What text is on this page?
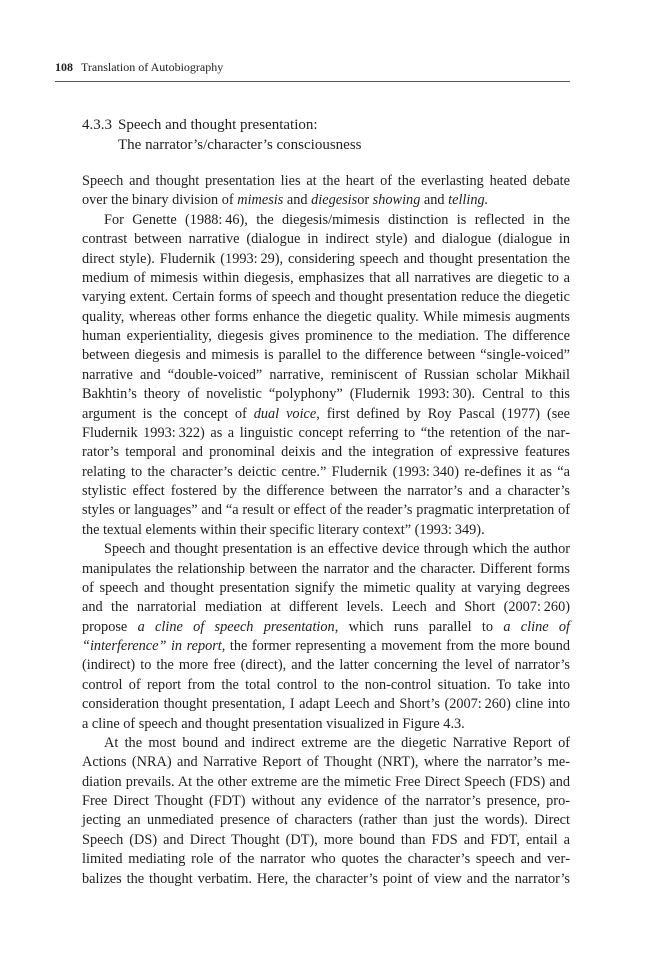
108 Translation of Autobiography
4.3.3 Speech and thought presentation:
The narrator’s/character’s consciousness

Speech and thought presentation lies at the heart of the everlasting heated debate over the binary division of mimesis and diegesisor showing and telling.

For Genette (1988: 46), the diegesis/mimesis distinction is reflected in the contrast between narrative (dialogue in indirect style) and dialogue (dialogue in direct style). Fludernik (1993: 29), considering speech and thought presentation the medium of mimesis within diegesis, emphasizes that all narratives are diegetic to a varying extent. Certain forms of speech and thought presentation reduce the diegetic quality, whereas other forms enhance the diegetic quality. While mimesis augments human experientiality, diegesis gives prominence to the mediation. The difference between diegesis and mimesis is parallel to the difference between “single-voiced” narrative and “double-voiced” narrative, reminiscent of Russian scholar Mikhail Bakhtin’s theory of novelistic “polyphony” (Fludernik 1993: 30). Central to this argument is the concept of dual voice, first defined by Roy Pascal (1977) (see Fludernik 1993: 322) as a linguistic concept referring to “the retention of the narrator’s temporal and pronominal deixis and the integration of expressive features relating to the character’s deictic centre.” Fludernik (1993: 340) re-defines it as “a stylistic effect fostered by the difference between the narrator’s and a character’s styles or languages” and “a result or effect of the reader’s pragmatic interpretation of the textual elements within their specific literary context” (1993: 349).

Speech and thought presentation is an effective device through which the author manipulates the relationship between the narrator and the character. Different forms of speech and thought presentation signify the mimetic quality at varying degrees and the narratorial mediation at different levels. Leech and Short (2007: 260) propose a cline of speech presentation, which runs parallel to a cline of “interference” in report, the former representing a movement from the more bound (indirect) to the more free (direct), and the latter concerning the level of narrator’s control of report from the total control to the non-control situation. To take into consideration thought presentation, I adapt Leech and Short’s (2007: 260) cline into a cline of speech and thought presentation visualized in Figure 4.3.

At the most bound and indirect extreme are the diegetic Narrative Report of Actions (NRA) and Narrative Report of Thought (NRT), where the narrator’s mediation prevails. At the other extreme are the mimetic Free Direct Speech (FDS) and Free Direct Thought (FDT) without any evidence of the narrator’s presence, projecting an unmediated presence of characters (rather than just the words). Direct Speech (DS) and Direct Thought (DT), more bound than FDS and FDT, entail a limited mediating role of the narrator who quotes the character’s speech and verbalizes the thought verbatim. Here, the character’s point of view and the narrator’s
